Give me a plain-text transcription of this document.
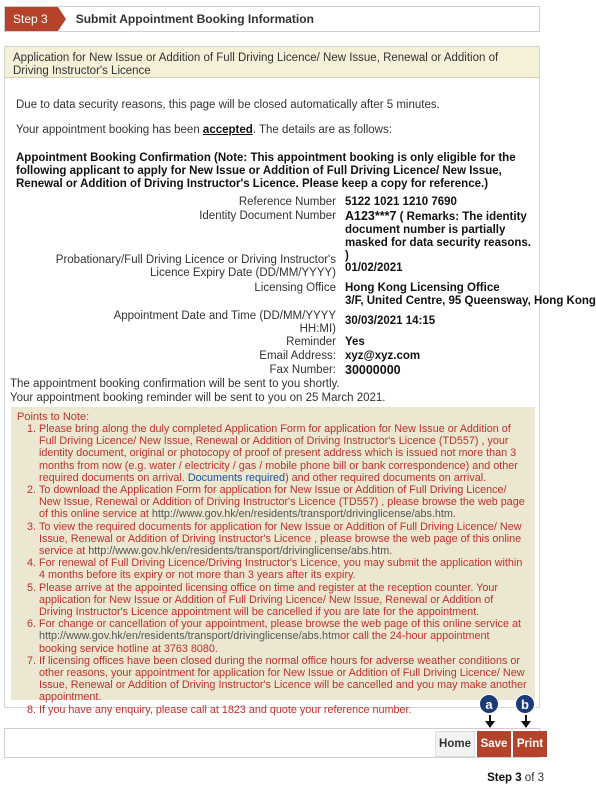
Step 3	Submit Appointment Booking Information
Application for New Issue or Addition of Full Driving Licence/ New Issue, Renewal or Addition of Driving Instructor's Licence
Due to data security reasons, this page will be closed automatically after 5 minutes.
Your appointment booking has been accepted. The details are as follows:
Appointment Booking Confirmation (Note: This appointment booking is only eligible for the following applicant to apply for New Issue or Addition of Full Driving Licence/ New Issue, Renewal or Addition of Driving Instructor's Licence. Please keep a copy for reference.)
Reference Number 5122 1021 1210 7690
Identity Document Number A123***7 ( Remarks: The identity document number is partially masked for data security reasons. )
Probationary/Full Driving Licence or Driving Instructor's Licence Expiry Date (DD/MM/YYYY) 01/02/2021
Licensing Office Hong Kong Licensing Office
3/F, United Centre, 95 Queensway, Hong Kong
Appointment Date and Time (DD/MM/YYYY HH:MI)
30/03/2021 14:15
Reminder Yes
Email Address: xyz@xyz.com
Fax Number: 30000000
The appointment booking confirmation will be sent to you shortly.
Your appointment booking reminder will be sent to you on 25 March 2021.
Points to Note:
1. Please bring along the duly completed Application Form for application for New Issue or Addition of Full Driving Licence/ New Issue, Renewal or Addition of Driving Instructor's Licence (TD557) , your identity document, original or photocopy of proof of present address which is issued not more than 3 months from now (e.g. water / electricity / gas / mobile phone bill or bank correspondence) and other required documents on arrival. Documents required) and other required documents on arrival.
2. To download the Application Form for application for New Issue or Addition of Full Driving Licence/ New Issue, Renewal or Addition of Driving Instructor's Licence (TD557) , please browse the web page of this online service at http://www.gov.hk/en/residents/transport/drivinglicense/abs.htm.
3. To view the required documents for application for New Issue or Addition of Full Driving Licence/ New Issue, Renewal or Addition of Driving Instructor's Licence , please browse the web page of this online service at http://www.gov.hk/en/residents/transport/drivinglicense/abs.htm.
4. For renewal of Full Driving Licence/Driving Instructor's Licence, you may submit the application within 4 months before its expiry or not more than 3 years after its expiry.
5. Please arrive at the appointed licensing office on time and register at the reception counter. Your application for New Issue or Addition of Full Driving Licence/ New Issue, Renewal or Addition of Driving Instructor's Licence appointment will be cancelled if you are late for the appointment.
6. For change or cancellation of your appointment, please browse the web page of this online service at http://www.gov.hk/en/residents/transport/drivinglicense/abs.htmor call the 24-hour appointment booking service hotline at 3763 8080.
7. If licensing offices have been closed during the normal office hours for adverse weather conditions or other reasons, your appointment for application for New Issue or Addition of Full Driving Licence/ New Issue, Renewal or Addition of Driving Instructor's Licence will be cancelled and you may make another appointment.
8. If you have any enquiry, please call at 1823 and quote your reference number.	a	b
Home Save Print
Step 3 of 3
